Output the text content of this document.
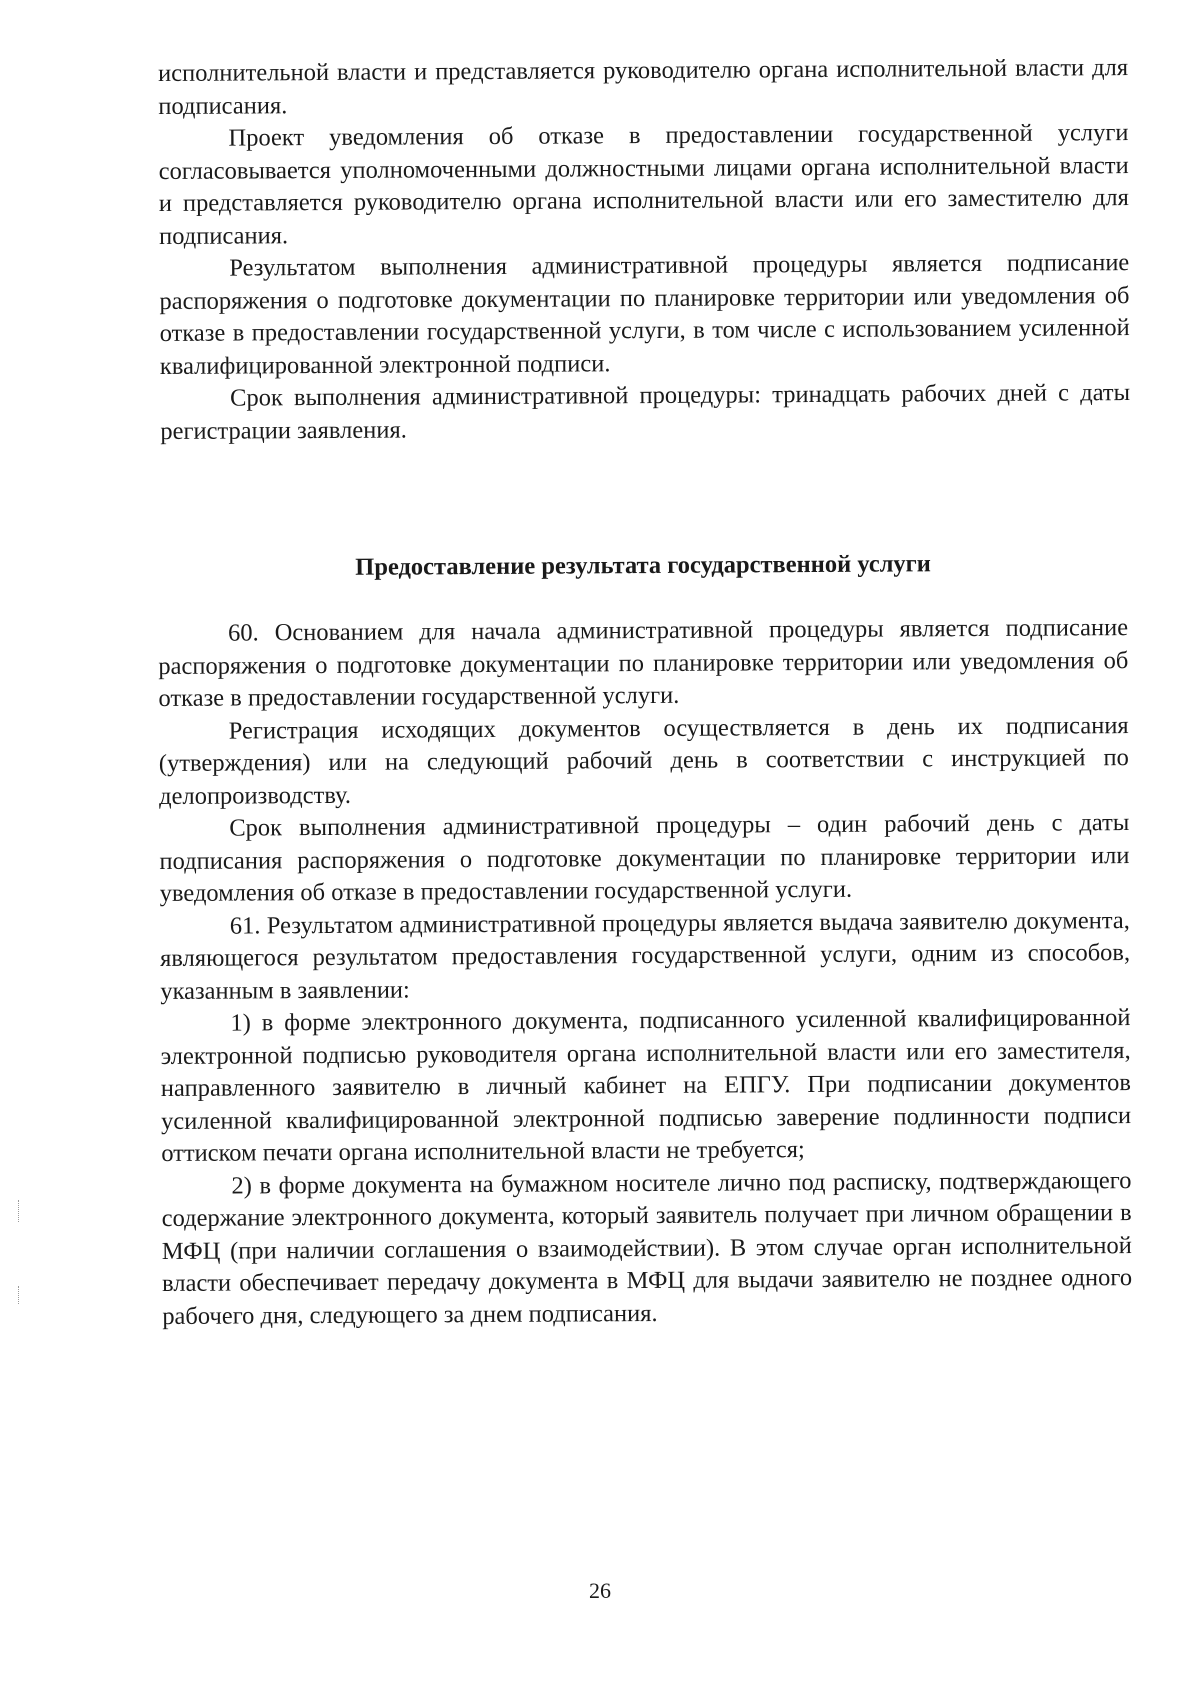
исполнительной власти и представляется руководителю органа исполнительной власти для подписания.

Проект уведомления об отказе в предоставлении государственной услуги согласовывается уполномоченными должностными лицами органа исполнительной власти и представляется руководителю органа исполнительной власти или его заместителю для подписания.

Результатом выполнения административной процедуры является подписание распоряжения о подготовке документации по планировке территории или уведомления об отказе в предоставлении государственной услуги, в том числе с использованием усиленной квалифицированной электронной подписи.

Срок выполнения административной процедуры: тринадцать рабочих дней с даты регистрации заявления.

Предоставление результата государственной услуги

60. Основанием для начала административной процедуры является подписание распоряжения о подготовке документации по планировке территории или уведомления об отказе в предоставлении государственной услуги.

Регистрация исходящих документов осуществляется в день их подписания (утверждения) или на следующий рабочий день в соответствии с инструкцией по делопроизводству.

Срок выполнения административной процедуры – один рабочий день с даты подписания распоряжения о подготовке документации по планировке территории или уведомления об отказе в предоставлении государственной услуги.

61. Результатом административной процедуры является выдача заявителю документа, являющегося результатом предоставления государственной услуги, одним из способов, указанным в заявлении:

1) в форме электронного документа, подписанного усиленной квалифицированной электронной подписью руководителя органа исполнительной власти или его заместителя, направленного заявителю в личный кабинет на ЕПГУ. При подписании документов усиленной квалифицированной электронной подписью заверение подлинности подписи оттиском печати органа исполнительной власти не требуется;

2) в форме документа на бумажном носителе лично под расписку, подтверждающего содержание электронного документа, который заявитель получает при личном обращении в МФЦ (при наличии соглашения о взаимодействии). В этом случае орган исполнительной власти обеспечивает передачу документа в МФЦ для выдачи заявителю не позднее одного рабочего дня, следующего за днем подписания.

26
